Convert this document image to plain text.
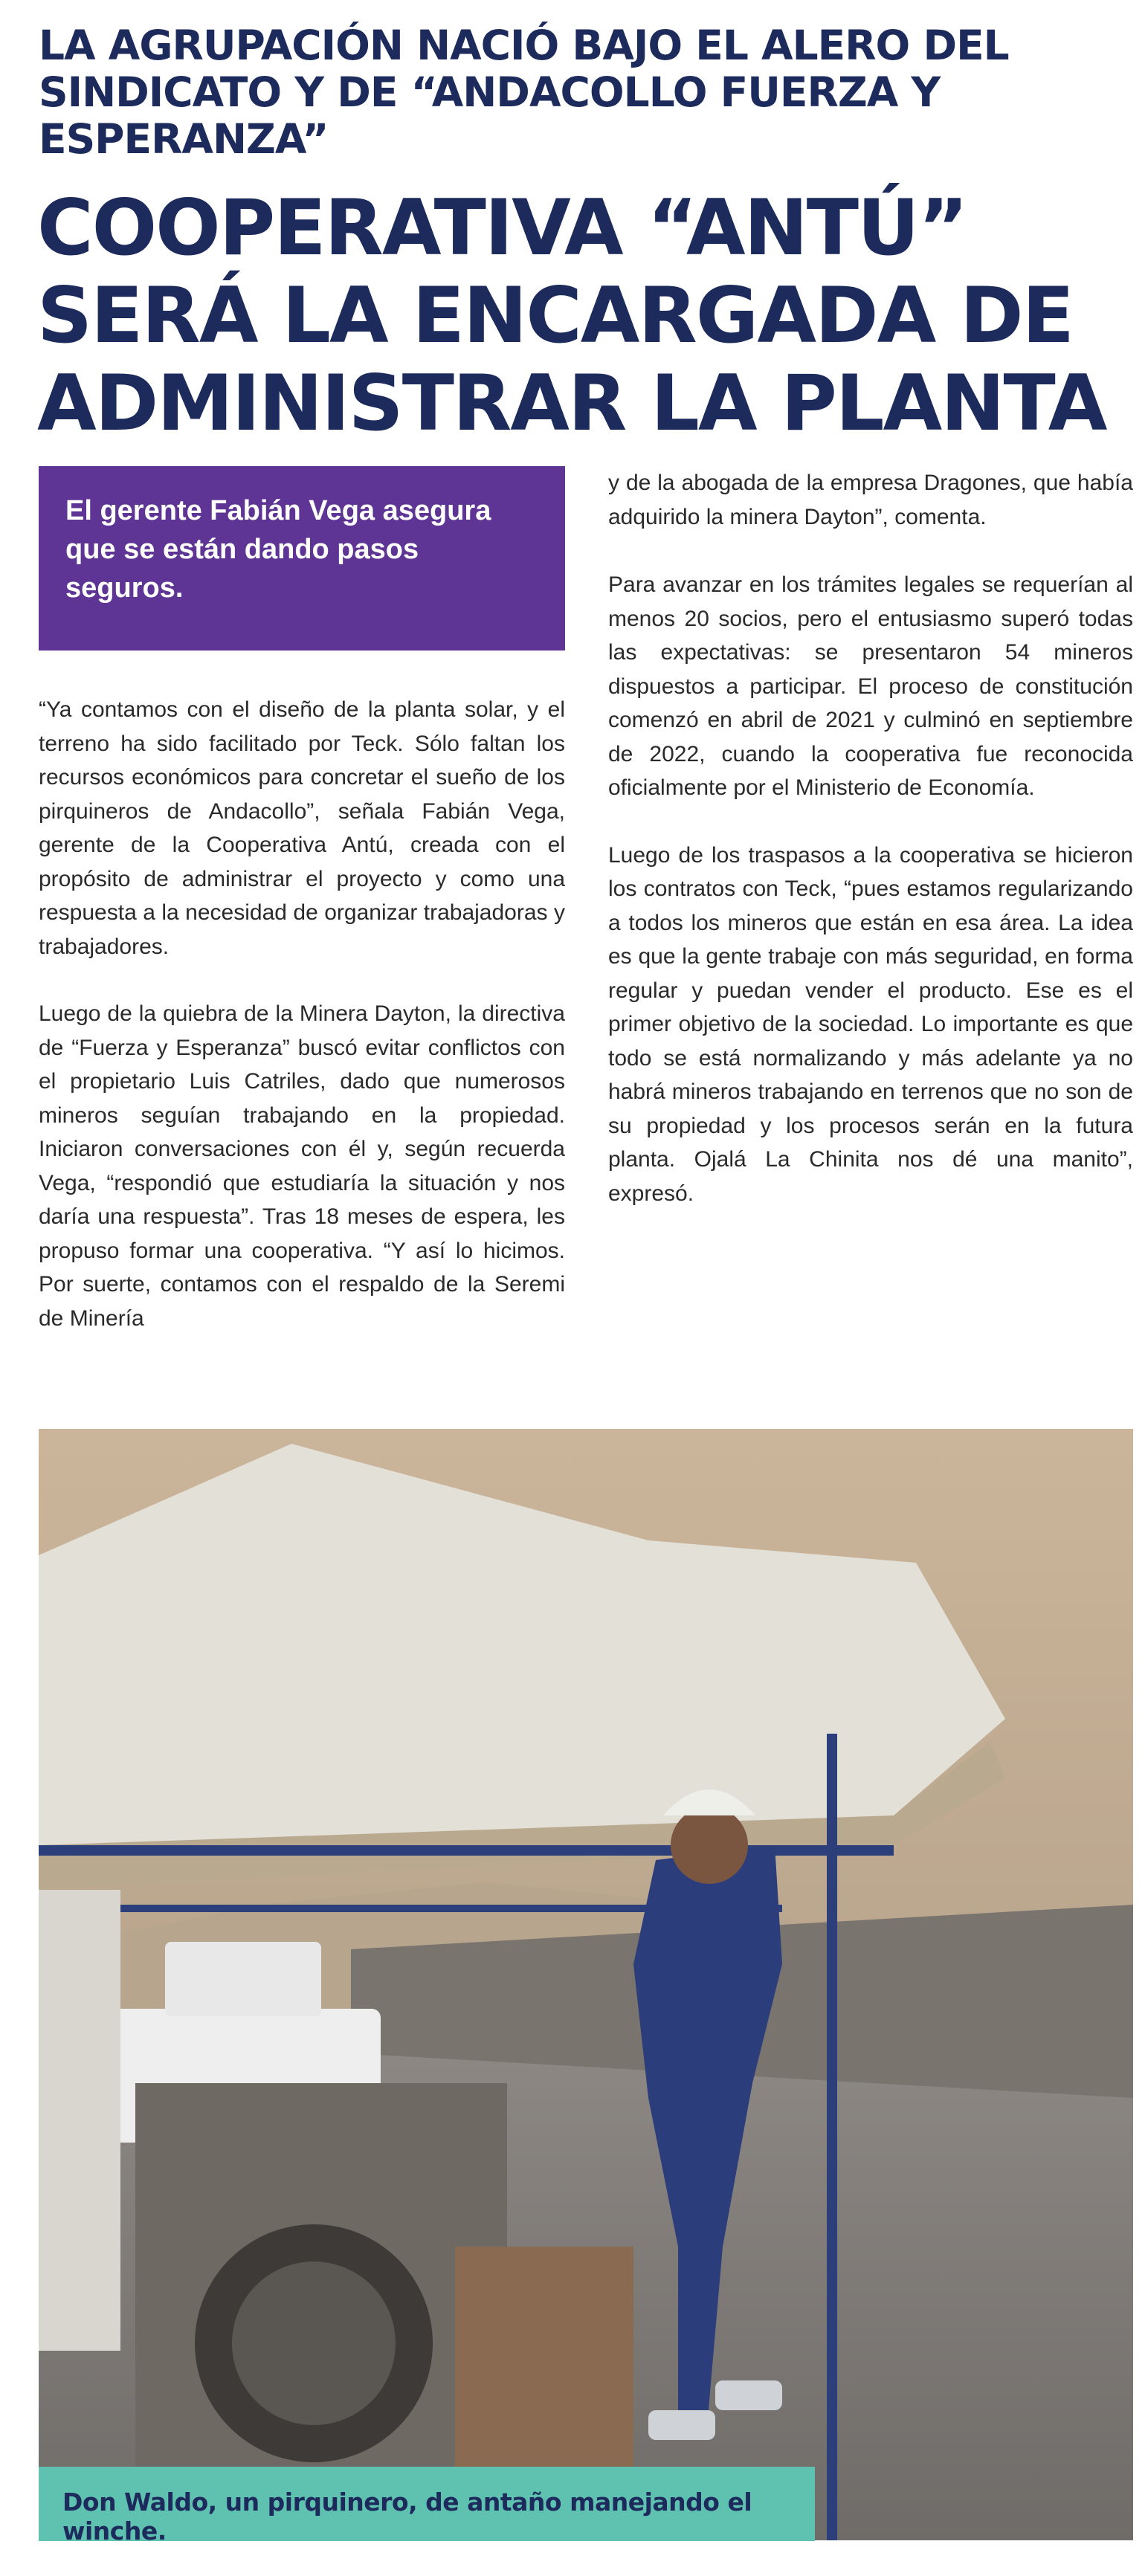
LA AGRUPACIÓN NACIÓ BAJO EL ALERO DEL SINDICATO Y DE “ANDACOLLO FUERZA Y ESPERANZA”
COOPERATIVA “ANTÚ” SERÁ LA ENCARGADA DE ADMINISTRAR LA PLANTA

El gerente Fabián Vega asegura que se están dando pasos seguros.

“Ya contamos con el diseño de la planta solar, y el terreno ha sido facilitado por Teck. Sólo faltan los recursos económicos para concretar el sueño de los pirquineros de Andacollo”, señala Fabián Vega, gerente de la Cooperativa Antú, creada con el propósito de administrar el proyecto y como una respuesta a la necesidad de organizar trabajadoras y trabajadores.

Luego de la quiebra de la Minera Dayton, la directiva de “Fuerza y Esperanza” buscó evitar conflictos con el propietario Luis Catriles, dado que numerosos mineros seguían trabajando en la propiedad. Iniciaron conversaciones con él y, según recuerda Vega, “respondió que estudiaría la situación y nos daría una respuesta”. Tras 18 meses de espera, les propuso formar una cooperativa. “Y así lo hicimos. Por suerte, contamos con el respaldo de la Seremi de Minería

y de la abogada de la empresa Dragones, que había adquirido la minera Dayton”, comenta.

Para avanzar en los trámites legales se requerían al menos 20 socios, pero el entusiasmo superó todas las expectativas: se presentaron 54 mineros dispuestos a participar. El proceso de constitución comenzó en abril de 2021 y culminó en septiembre de 2022, cuando la cooperativa fue reconocida oficialmente por el Ministerio de Economía.

Luego de los traspasos a la cooperativa se hicieron los contratos con Teck, “pues estamos regularizando a todos los mineros que están en esa área. La idea es que la gente trabaje con más seguridad, en forma regular y puedan vender el producto. Ese es el primer objetivo de la sociedad. Lo importante es que todo se está normalizando y más adelante ya no habrá mineros trabajando en terrenos que no son de su propiedad y los procesos serán en la futura planta. Ojalá La Chinita nos dé una manito”, expresó.

Don Waldo, un pirquinero, de antaño manejando el winche.
